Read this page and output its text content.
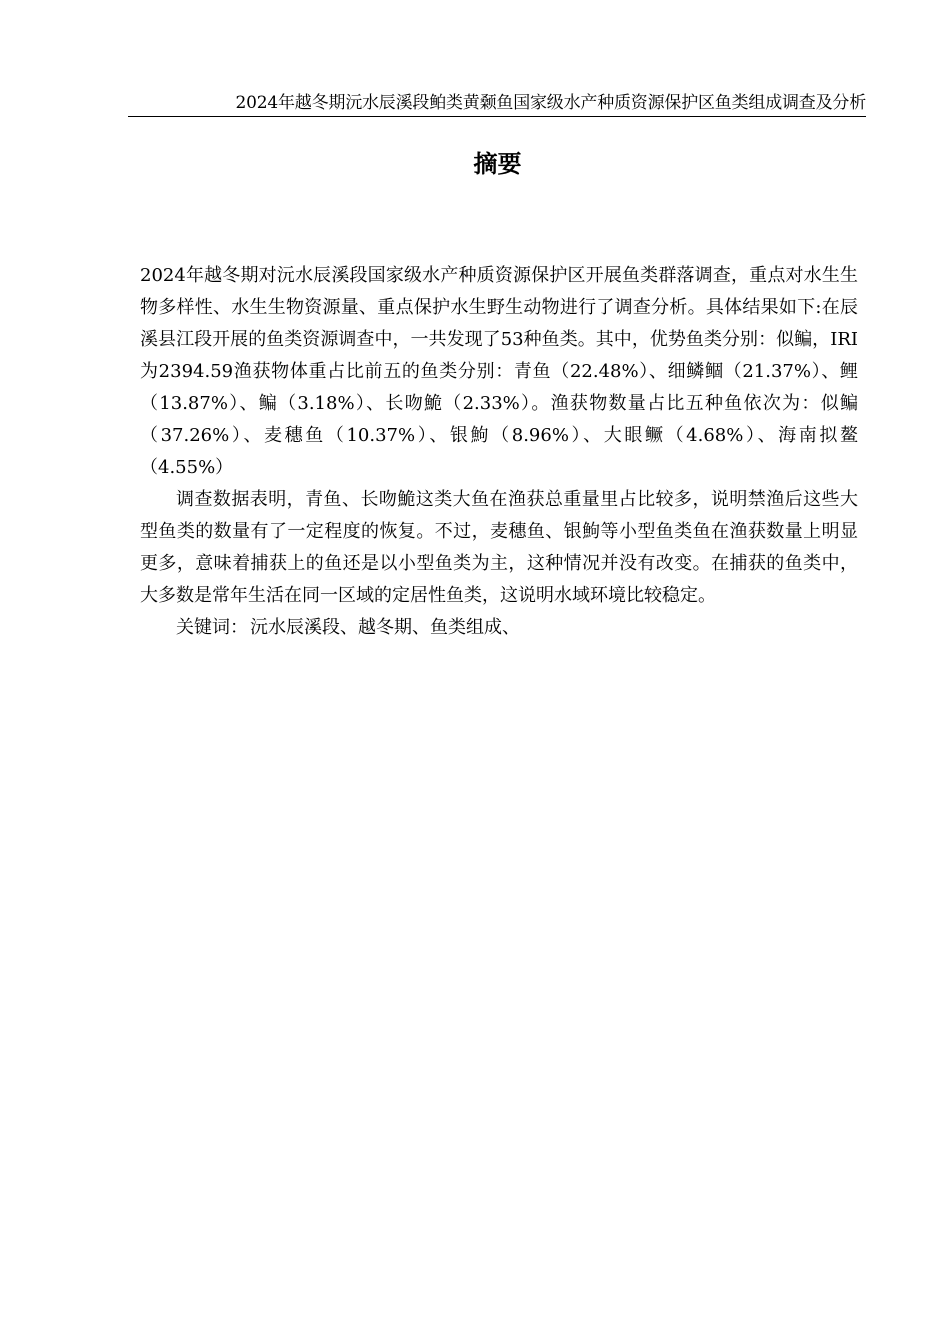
2024年越冬期沅水辰溪段鲌类黄颡鱼国家级水产种质资源保护区鱼类组成调查及分析
摘要

2024年越冬期对沅水辰溪段国家级水产种质资源保护区开展鱼类群落调查，重点对水生生物多样性、水生生物资源量、重点保护水生野生动物进行了调查分析。具体结果如下:在辰溪县江段开展的鱼类资源调查中，一共发现了53种鱼类。其中，优势鱼类分别：似鳊，IRI为2394.59渔获物体重占比前五的鱼类分别：青鱼（22.48%）、细鳞鲴（21.37%）、鲤（13.87%）、鳊（3.18%）、长吻鮠（2.33%）。渔获物数量占比五种鱼依次为：似鳊（37.26%）、麦穗鱼（10.37%）、银鮈（8.96%）、大眼鳜（4.68%）、海南拟鳌（4.55%）

调查数据表明，青鱼、长吻鮠这类大鱼在渔获总重量里占比较多，说明禁渔后这些大型鱼类的数量有了一定程度的恢复。不过，麦穗鱼、银鮈等小型鱼类鱼在渔获数量上明显更多，意味着捕获上的鱼还是以小型鱼类为主，这种情况并没有改变。在捕获的鱼类中，大多数是常年生活在同一区域的定居性鱼类，这说明水域环境比较稳定。

关键词： 沅水辰溪段、越冬期、鱼类组成、
